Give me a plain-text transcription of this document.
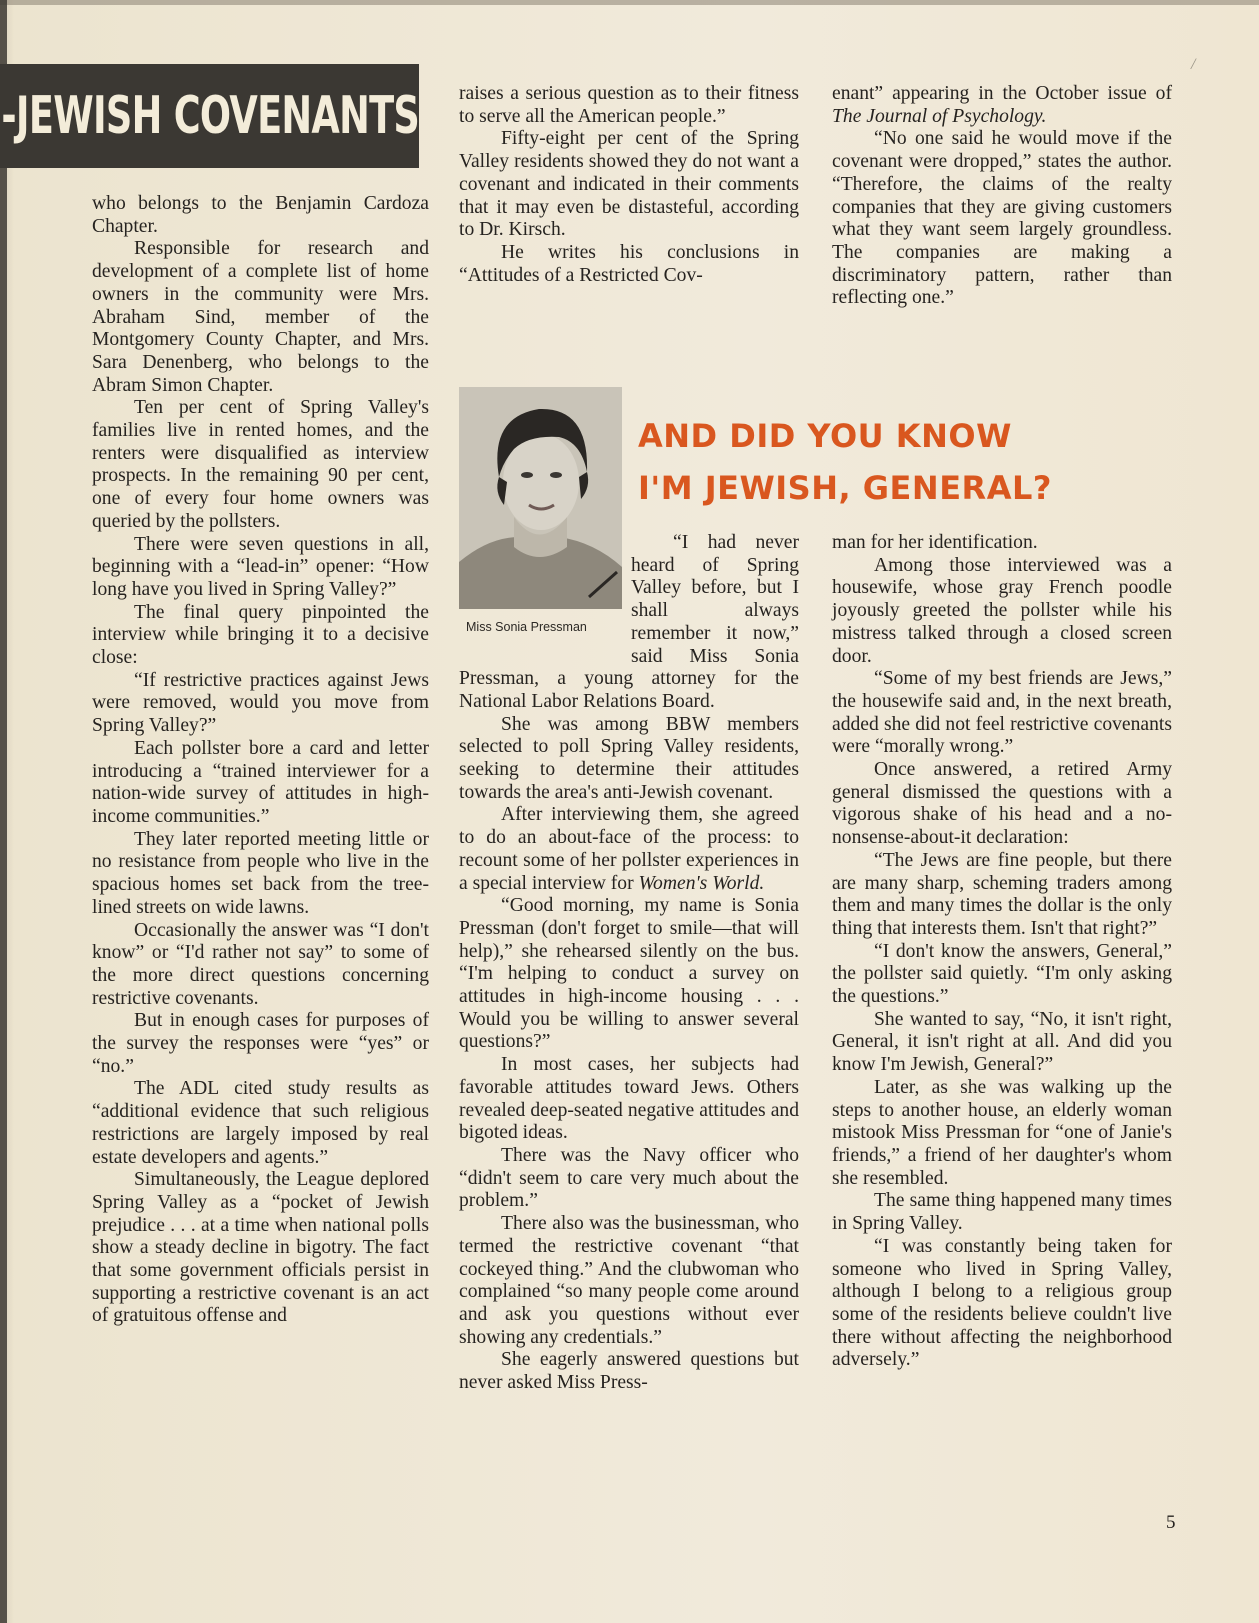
-JEWISH COVENANTS

who belongs to the Benjamin Cardoza Chapter.

Responsible for research and development of a complete list of home owners in the community were Mrs. Abraham Sind, member of the Montgomery County Chapter, and Mrs. Sara Denenberg, who belongs to the Abram Simon Chapter.

Ten per cent of Spring Valley's families live in rented homes, and the renters were disqualified as interview prospects. In the remaining 90 per cent, one of every four home owners was queried by the pollsters.

There were seven questions in all, beginning with a “lead-in” opener: “How long have you lived in Spring Valley?”

The final query pinpointed the interview while bringing it to a decisive close:

“If restrictive practices against Jews were removed, would you move from Spring Valley?”

Each pollster bore a card and letter introducing a “trained interviewer for a nation-wide survey of attitudes in high-income communities.”

They later reported meeting little or no resistance from people who live in the spacious homes set back from the tree-lined streets on wide lawns.

Occasionally the answer was “I don't know” or “I'd rather not say” to some of the more direct questions concerning restrictive covenants.

But in enough cases for purposes of the survey the responses were “yes” or “no.”

The ADL cited study results as “additional evidence that such religious restrictions are largely imposed by real estate developers and agents.”

Simultaneously, the League deplored Spring Valley as a “pocket of Jewish prejudice . . . at a time when national polls show a steady decline in bigotry. The fact that some government officials persist in supporting a restrictive covenant is an act of gratuitous offense and

raises a serious question as to their fitness to serve all the American people.”

Fifty-eight per cent of the Spring Valley residents showed they do not want a covenant and indicated in their comments that it may even be distasteful, according to Dr. Kirsch.

He writes his conclusions in “Attitudes of a Restricted Cov-

enant” appearing in the October issue of The Journal of Psychology.

“No one said he would move if the covenant were dropped,” states the author. “Therefore, the claims of the realty companies that they are giving customers what they want seem largely groundless. The companies are making a discriminatory pattern, rather than reflecting one.”

Miss Sonia Pressman
AND DID YOU KNOW
I'M JEWISH, GENERAL?

“I had never heard of Spring Valley before, but I shall always remember it now,” said Miss Sonia Pressman, a young attorney for the National Labor Relations Board.

She was among BBW members selected to poll Spring Valley residents, seeking to determine their attitudes towards the area's anti-Jewish covenant.

After interviewing them, she agreed to do an about-face of the process: to recount some of her pollster experiences in a special interview for Women's World.

“Good morning, my name is Sonia Pressman (don't forget to smile—that will help),” she rehearsed silently on the bus. “I'm helping to conduct a survey on attitudes in high-income housing . . . Would you be willing to answer several questions?”

In most cases, her subjects had favorable attitudes toward Jews. Others revealed deep-seated negative attitudes and bigoted ideas.

There was the Navy officer who “didn't seem to care very much about the problem.”

There also was the businessman, who termed the restrictive covenant “that cockeyed thing.” And the clubwoman who complained “so many people come around and ask you questions without ever showing any credentials.”

She eagerly answered questions but never asked Miss Press-

man for her identification.

Among those interviewed was a housewife, whose gray French poodle joyously greeted the pollster while his mistress talked through a closed screen door.

“Some of my best friends are Jews,” the housewife said and, in the next breath, added she did not feel restrictive covenants were “morally wrong.”

Once answered, a retired Army general dismissed the questions with a vigorous shake of his head and a no-nonsense-about-it declaration:

“The Jews are fine people, but there are many sharp, scheming traders among them and many times the dollar is the only thing that interests them. Isn't that right?”

“I don't know the answers, General,” the pollster said quietly. “I'm only asking the questions.”

She wanted to say, “No, it isn't right, General, it isn't right at all. And did you know I'm Jewish, General?”

Later, as she was walking up the steps to another house, an elderly woman mistook Miss Pressman for “one of Janie's friends,” a friend of her daughter's whom she resembled.

The same thing happened many times in Spring Valley.

“I was constantly being taken for someone who lived in Spring Valley, although I belong to a religious group some of the residents believe couldn't live there without affecting the neighborhood adversely.”

/
5
